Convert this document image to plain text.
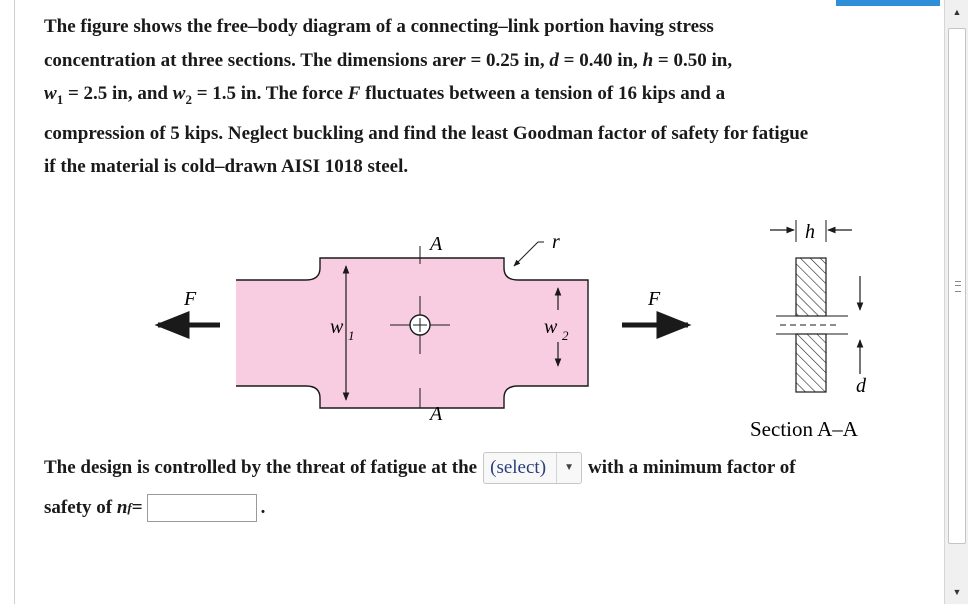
The figure shows the free–body diagram of a connecting–link portion having stress

concentration at three sections. The dimensions arer = 0.25 in, d = 0.40 in, h = 0.50 in,

$w_1 = 2.5$ in, and $w_2 = 1.5$ in. The force F fluctuates between a tension of 16 kips and a

compression of 5 kips. Neglect buckling and find the least Goodman factor of safety for fatigue

if the material is cold–drawn AISI 1018 steel.

F	F
A
A
w 1	w 2
r	h
d
Section A–A
The design is controlled by the threat of fatigue at the (select)	▼ with a minimum factor of
safety of
n f =	.
▲
▼
